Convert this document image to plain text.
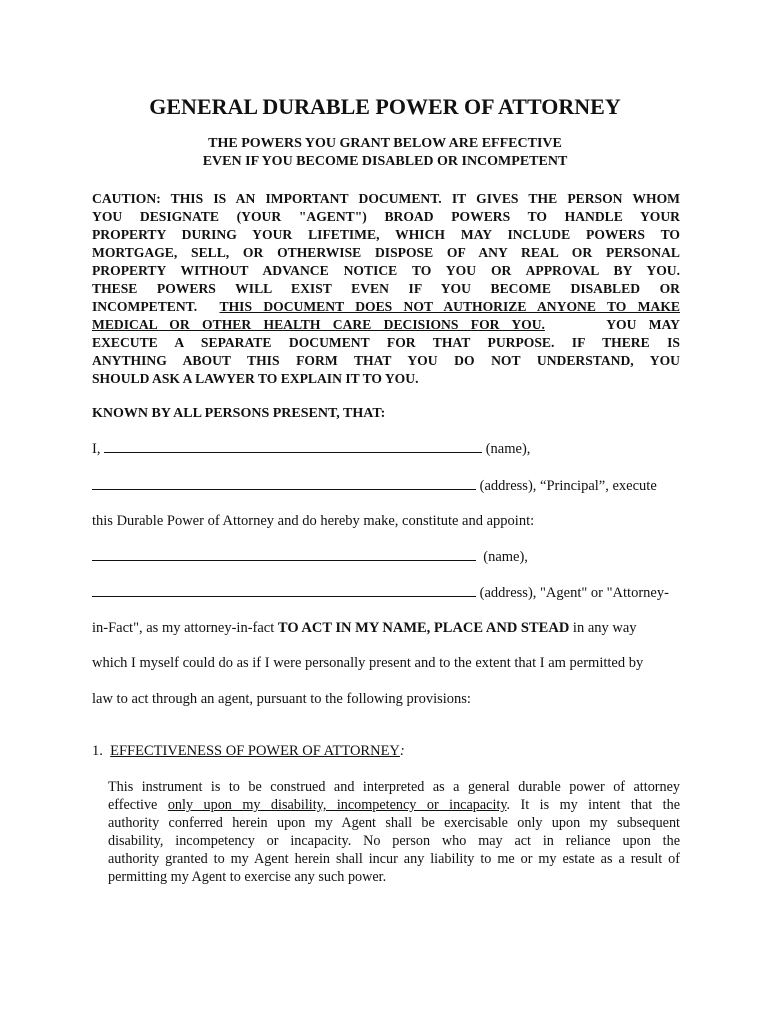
GENERAL DURABLE POWER OF ATTORNEY
THE POWERS YOU GRANT BELOW ARE EFFECTIVE
EVEN IF YOU BECOME DISABLED OR INCOMPETENT
CAUTION: THIS IS AN IMPORTANT DOCUMENT. IT GIVES THE PERSON WHOM
YOU DESIGNATE (YOUR "AGENT") BROAD POWERS TO HANDLE YOUR
PROPERTY DURING YOUR LIFETIME, WHICH MAY INCLUDE POWERS TO
MORTGAGE, SELL, OR OTHERWISE DISPOSE OF ANY REAL OR PERSONAL
PROPERTY WITHOUT ADVANCE NOTICE TO YOU OR APPROVAL BY YOU.
THESE POWERS WILL EXIST EVEN IF YOU BECOME DISABLED OR
INCOMPETENT. THIS DOCUMENT DOES NOT AUTHORIZE ANYONE TO MAKE
MEDICAL OR OTHER HEALTH CARE DECISIONS FOR YOU.	YOU MAY
EXECUTE A SEPARATE DOCUMENT FOR THAT PURPOSE. IF THERE IS
ANYTHING ABOUT THIS FORM THAT YOU DO NOT UNDERSTAND, YOU
SHOULD ASK A LAWYER TO EXPLAIN IT TO YOU.
KNOWN BY ALL PERSONS PRESENT, THAT:
I,	(name),
(address), “Principal”, execute
this Durable Power of Attorney and do hereby make, constitute and appoint:
(name),
(address), "Agent" or "Attorney-
in-Fact", as my attorney-in-fact TO ACT IN MY NAME, PLACE AND STEAD in any way
which I myself could do as if I were personally present and to the extent that I am permitted by
law to act through an agent, pursuant to the following provisions:
1. EFFECTIVENESS OF POWER OF ATTORNEY:
This instrument is to be construed and interpreted as a general durable power of attorney
effective only upon my disability, incompetency or incapacity. It is my intent that the
authority conferred herein upon my Agent shall be exercisable only upon my subsequent
disability, incompetency or incapacity. No person who may act in reliance upon the
authority granted to my Agent herein shall incur any liability to me or my estate as a result of
permitting my Agent to exercise any such power.
